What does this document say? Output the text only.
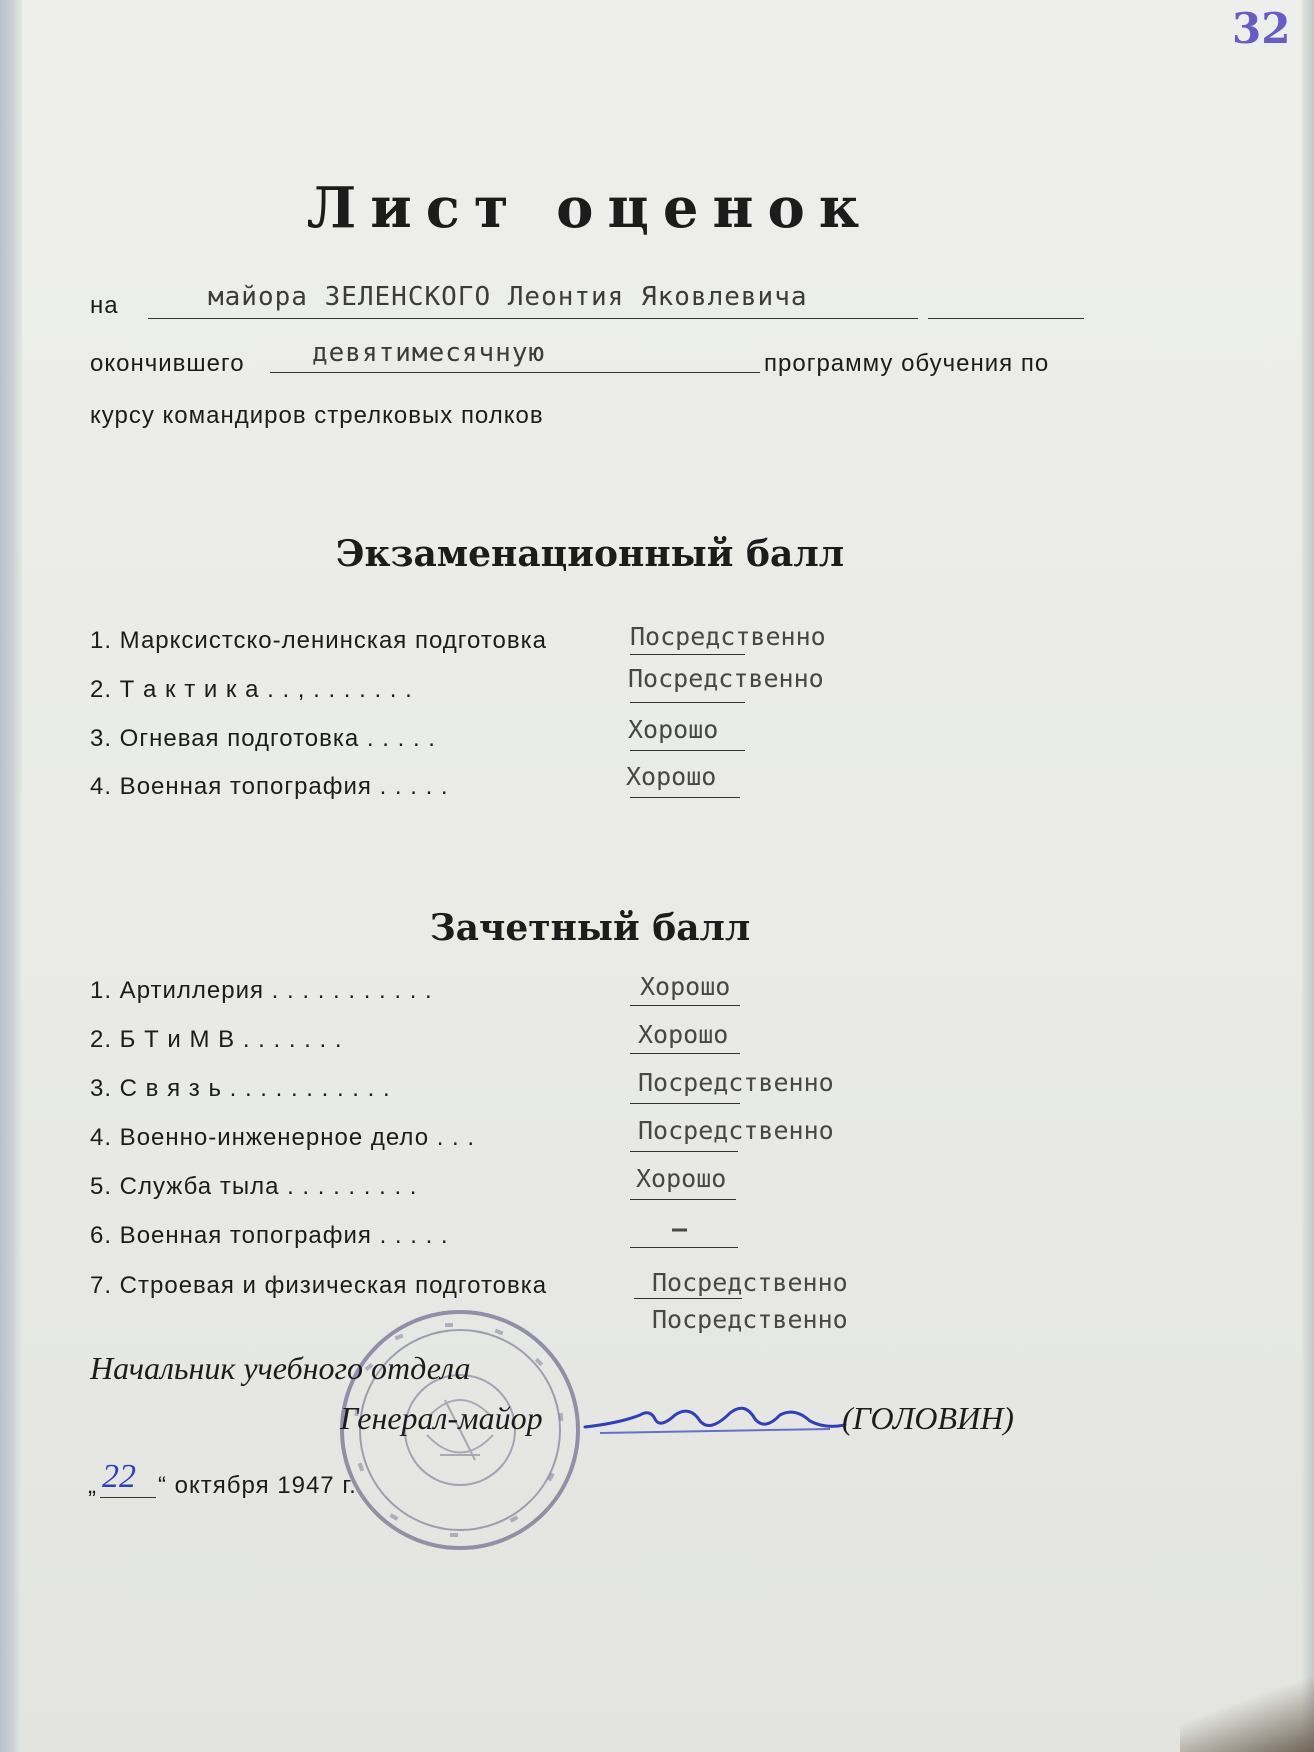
32
Лист оценок
на	майора ЗЕЛЕНСКОГО Леонтия Яковлевича
окончившего	девятимесячную	программу обучения по
курсу командиров стрелковых полков
Экзаменационный балл
1. Марксистско-ленинская подготовка	Посредственно
2. Т а к т и к а . . , . . . . . . .	Посредственно
3. Огневая подготовка . . . . .	Хорошо
4. Военная топография . . . . .	Хорошо
Зачетный балл
1. Артиллерия . . . . . . . . . . .	Хорошо
2. Б Т и М В . . . . . . .	Хорошо
3. С в я з ь . . . . . . . . . . .	Посредственно
4. Военно-инженерное дело . . .	Посредственно
5. Служба тыла . . . . . . . . .	Хорошо
6. Военная топография . . . . .	–
7. Строевая и физическая подготовка	Посредственно
Посредственно
Начальник учебного отдела
Генерал-майор	(ГОЛОВИН)
„ 22 “ октября 1947 г.
